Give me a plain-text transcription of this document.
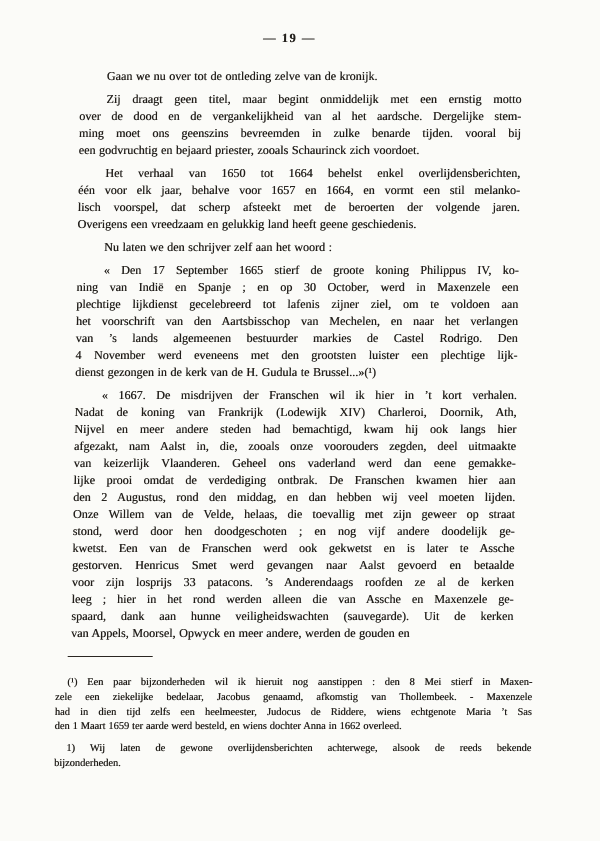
— 19 —
Gaan we nu over tot de ontleding zelve van de kronijk.
Zij draagt geen titel, maar begint onmiddelijk met een ernstig motto
over de dood en de vergankelijkheid van al het aardsche. Dergelijke stem-
ming moet ons geenszins bevreemden in zulke benarde tijden. vooral bij
een godvruchtig en bejaard priester, zooals Schaurinck zich voordoet.
Het verhaal van 1650 tot 1664 behelst enkel overlijdensberichten,
één voor elk jaar, behalve voor 1657 en 1664, en vormt een stil melanko-
lisch voorspel, dat scherp afsteekt met de beroerten der volgende jaren.
Overigens een vreedzaam en gelukkig land heeft geene geschiedenis.
Nu laten we den schrijver zelf aan het woord :
« Den 17 September 1665 stierf de groote koning Philippus IV, ko-
ning van Indië en Spanje ; en op 30 October, werd in Maxenzele een
plechtige lijkdienst gecelebreerd tot lafenis zijner ziel, om te voldoen aan
het voorschrift van den Aartsbisschop van Mechelen, en naar het verlangen
van ’s lands algemeenen bestuurder markies de Castel Rodrigo. Den
4 November werd eveneens met den grootsten luister een plechtige lijk-
dienst gezongen in de kerk van de H. Gudula te Brussel...»(¹)
« 1667. De misdrijven der Franschen wil ik hier in ’t kort verhalen.
Nadat de koning van Frankrijk (Lodewijk XIV) Charleroi, Doornik, Ath,
Nijvel en meer andere steden had bemachtigd, kwam hij ook langs hier
afgezakt, nam Aalst in, die, zooals onze voorouders zegden, deel uitmaakte
van keizerlijk Vlaanderen. Geheel ons vaderland werd dan eene gemakke-
lijke prooi omdat de verdediging ontbrak. De Franschen kwamen hier aan
den 2 Augustus, rond den middag, en dan hebben wij veel moeten lijden.
Onze Willem van de Velde, helaas, die toevallig met zijn geweer op straat
stond, werd door hen doodgeschoten ; en nog vijf andere doodelijk ge-
kwetst. Een van de Franschen werd ook gekwetst en is later te Assche
gestorven. Henricus Smet werd gevangen naar Aalst gevoerd en betaalde
voor zijn losprijs 33 patacons. ’s Anderendaags roofden ze al de kerken
leeg ; hier in het rond werden alleen die van Assche en Maxenzele ge-
spaard, dank aan hunne veiligheidswachten (sauvegarde). Uit de kerken
van Appels, Moorsel, Opwyck en meer andere, werden de gouden en
(¹) Een paar bijzonderheden wil ik hieruit nog aanstippen : den 8 Mei stierf in Maxen-
zele een ziekelijke bedelaar, Jacobus genaamd, afkomstig van Thollembeek. - Maxenzele
had in dien tijd zelfs een heelmeester, Judocus de Riddere, wiens echtgenote Maria ’t Sas
den 1 Maart 1659 ter aarde werd besteld, en wiens dochter Anna in 1662 overleed.
1) Wij laten de gewone overlijdensberichten achterwege, alsook de reeds bekende
bijzonderheden.
